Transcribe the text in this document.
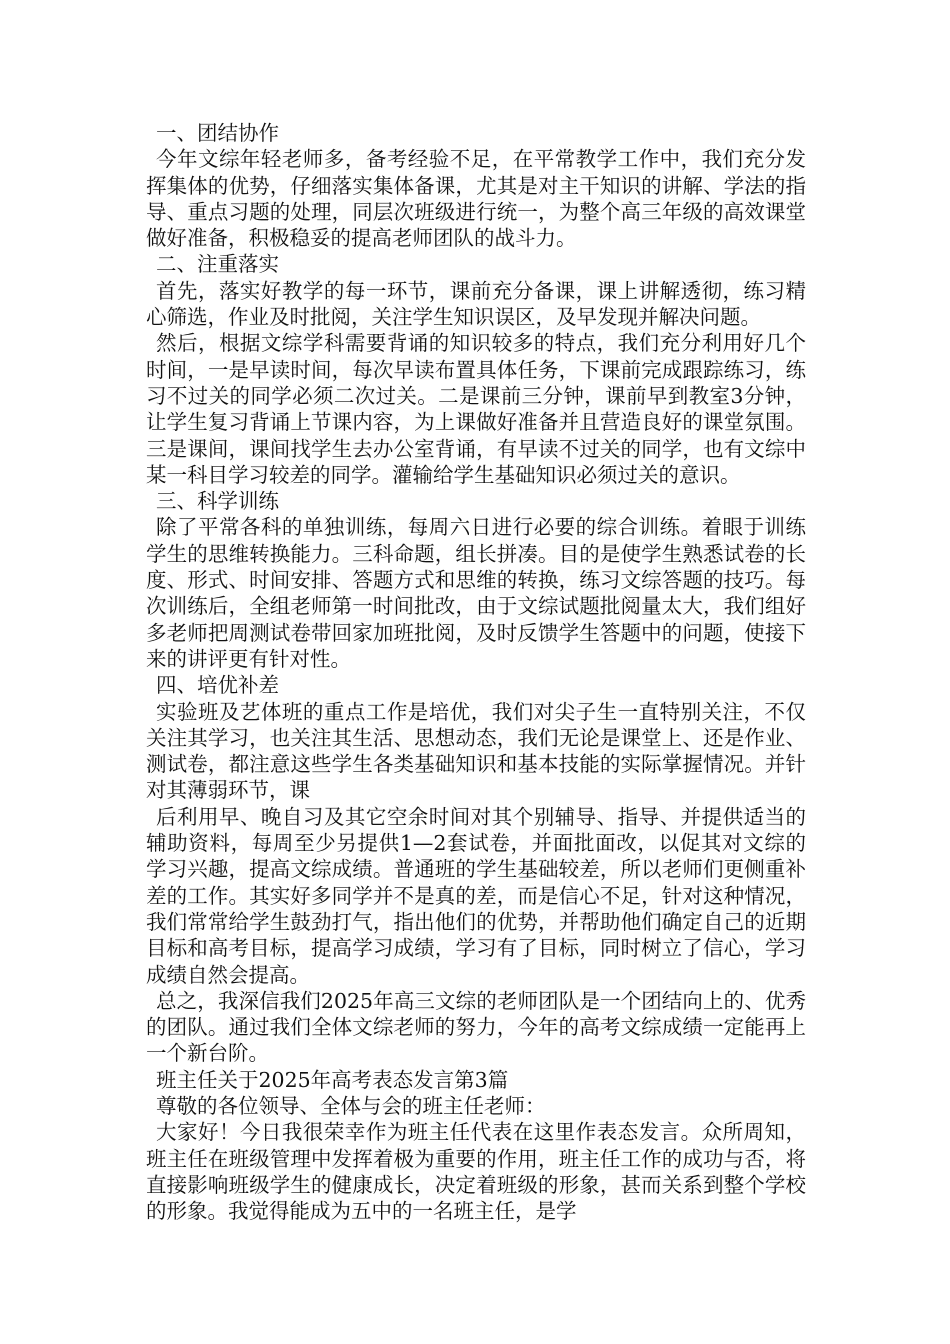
一、团结协作

今年文综年轻老师多，备考经验不足，在平常教学工作中，我们充分发挥集体的优势，仔细落实集体备课，尤其是对主干知识的讲解、学法的指导、重点习题的处理，同层次班级进行统一，为整个高三年级的高效课堂做好准备，积极稳妥的提高老师团队的战斗力。

二、注重落实

首先，落实好教学的每一环节，课前充分备课，课上讲解透彻，练习精心筛选，作业及时批阅，关注学生知识误区，及早发现并解决问题。

然后，根据文综学科需要背诵的知识较多的特点，我们充分利用好几个时间，一是早读时间，每次早读布置具体任务，下课前完成跟踪练习，练习不过关的同学必须二次过关。二是课前三分钟，课前早到教室3分钟，让学生复习背诵上节课内容，为上课做好准备并且营造良好的课堂氛围。三是课间，课间找学生去办公室背诵，有早读不过关的同学，也有文综中某一科目学习较差的同学。灌输给学生基础知识必须过关的意识。

三、科学训练

除了平常各科的单独训练，每周六日进行必要的综合训练。着眼于训练学生的思维转换能力。三科命题，组长拼凑。目的是使学生熟悉试卷的长度、形式、时间安排、答题方式和思维的转换，练习文综答题的技巧。每次训练后，全组老师第一时间批改，由于文综试题批阅量太大，我们组好多老师把周测试卷带回家加班批阅，及时反馈学生答题中的问题，使接下来的讲评更有针对性。

四、培优补差

实验班及艺体班的重点工作是培优，我们对尖子生一直特别关注，不仅关注其学习，也关注其生活、思想动态，我们无论是课堂上、还是作业、测试卷，都注意这些学生各类基础知识和基本技能的实际掌握情况。并针对其薄弱环节，课

后利用早、晚自习及其它空余时间对其个别辅导、指导、并提供适当的辅助资料，每周至少另提供1—2套试卷，并面批面改，以促其对文综的学习兴趣，提高文综成绩。普通班的学生基础较差，所以老师们更侧重补差的工作。其实好多同学并不是真的差，而是信心不足，针对这种情况，我们常常给学生鼓劲打气，指出他们的优势，并帮助他们确定自己的近期目标和高考目标，提高学习成绩，学习有了目标，同时树立了信心，学习成绩自然会提高。

总之，我深信我们2025年高三文综的老师团队是一个团结向上的、优秀的团队。通过我们全体文综老师的努力，今年的高考文综成绩一定能再上一个新台阶。

班主任关于2025年高考表态发言第3篇

尊敬的各位领导、全体与会的班主任老师：

大家好！今日我很荣幸作为班主任代表在这里作表态发言。众所周知，班主任在班级管理中发挥着极为重要的作用，班主任工作的成功与否，将直接影响班级学生的健康成长，决定着班级的形象，甚而关系到整个学校的形象。我觉得能成为五中的一名班主任，是学
